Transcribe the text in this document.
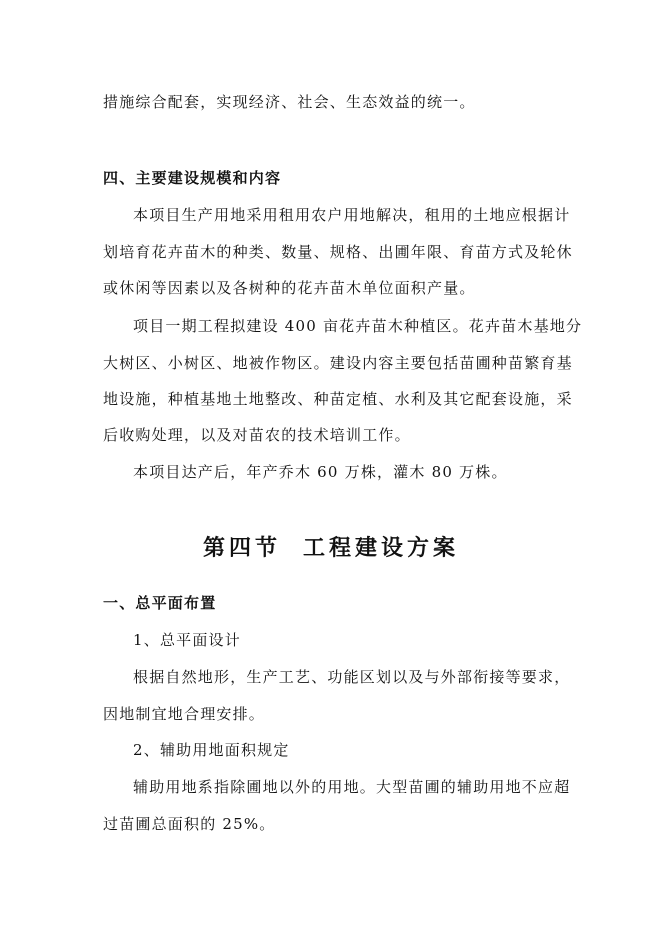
措施综合配套，实现经济、社会、生态效益的统一。
四、主要建设规模和内容
本项目生产用地采用租用农户用地解决，租用的土地应根据计
划培育花卉苗木的种类、数量、规格、出圃年限、育苗方式及轮休
或休闲等因素以及各树种的花卉苗木单位面积产量。
项目一期工程拟建设 400 亩花卉苗木种植区。花卉苗木基地分
大树区、小树区、地被作物区。建设内容主要包括苗圃种苗繁育基
地设施，种植基地土地整改、种苗定植、水利及其它配套设施，采
后收购处理，以及对苗农的技术培训工作。
本项目达产后，年产乔木 60 万株，灌木 80 万株。
第四节 工程建设方案
一、总平面布置
1、总平面设计
根据自然地形，生产工艺、功能区划以及与外部衔接等要求，
因地制宜地合理安排。
2、辅助用地面积规定
辅助用地系指除圃地以外的用地。大型苗圃的辅助用地不应超
过苗圃总面积的 25%。
